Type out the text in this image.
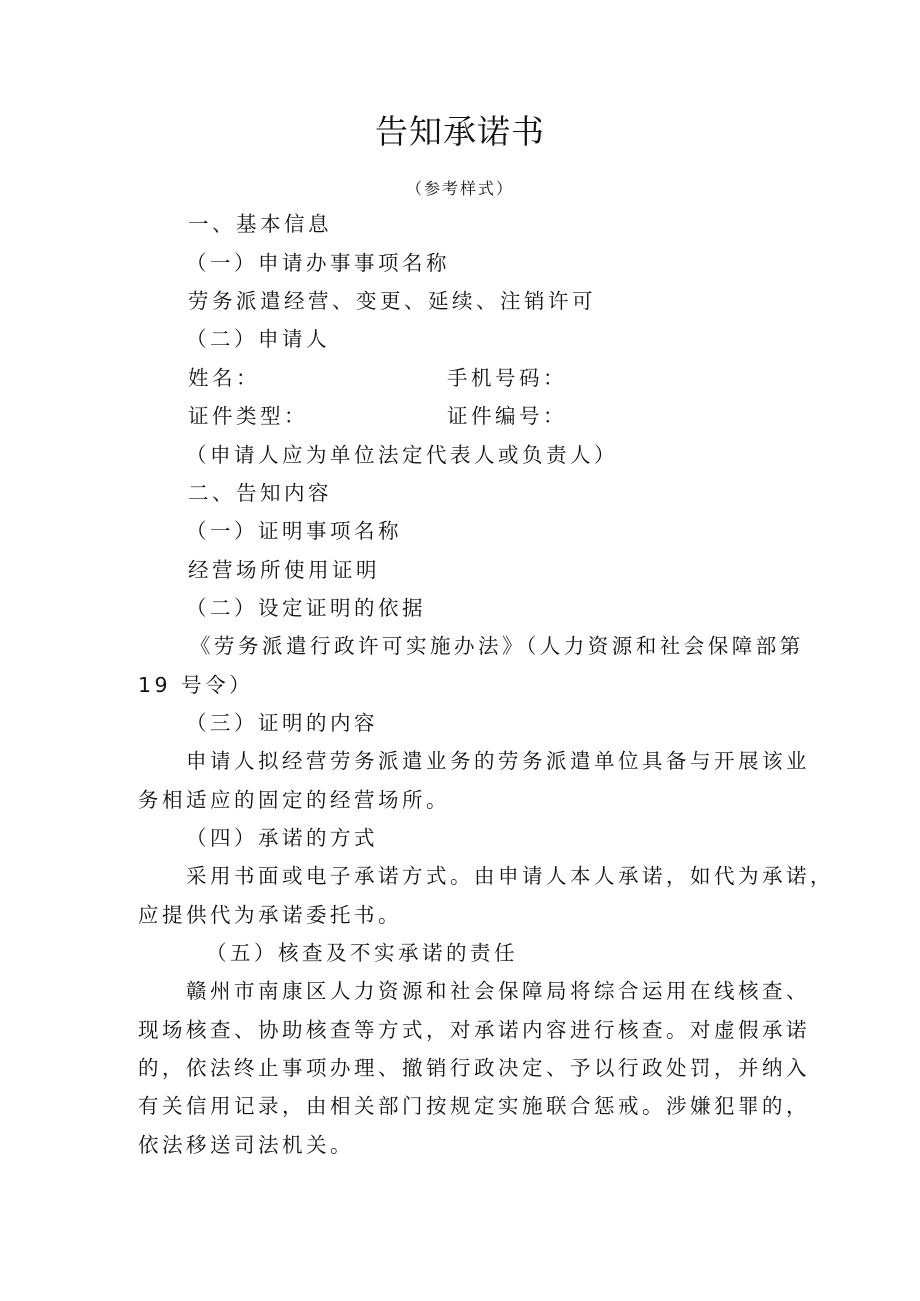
告知承诺书
（参考样式）
一、基本信息
（一）申请办事事项名称
劳务派遣经营、变更、延续、注销许可
（二）申请人
姓名：	手机号码：
证件类型：	证件编号：
（申请人应为单位法定代表人或负责人）
二、告知内容
（一）证明事项名称
经营场所使用证明
（二）设定证明的依据
《劳务派遣行政许可实施办法》（人力资源和社会保障部第
19 号令）
（三）证明的内容
申请人拟经营劳务派遣业务的劳务派遣单位具备与开展该业
务相适应的固定的经营场所。
（四）承诺的方式
采用书面或电子承诺方式。由申请人本人承诺，如代为承诺，
应提供代为承诺委托书。
（五）核查及不实承诺的责任
赣州市南康区人力资源和社会保障局将综合运用在线核查、
现场核查、协助核查等方式，对承诺内容进行核查。对虚假承诺
的，依法终止事项办理、撤销行政决定、予以行政处罚，并纳入
有关信用记录，由相关部门按规定实施联合惩戒。涉嫌犯罪的，
依法移送司法机关。
